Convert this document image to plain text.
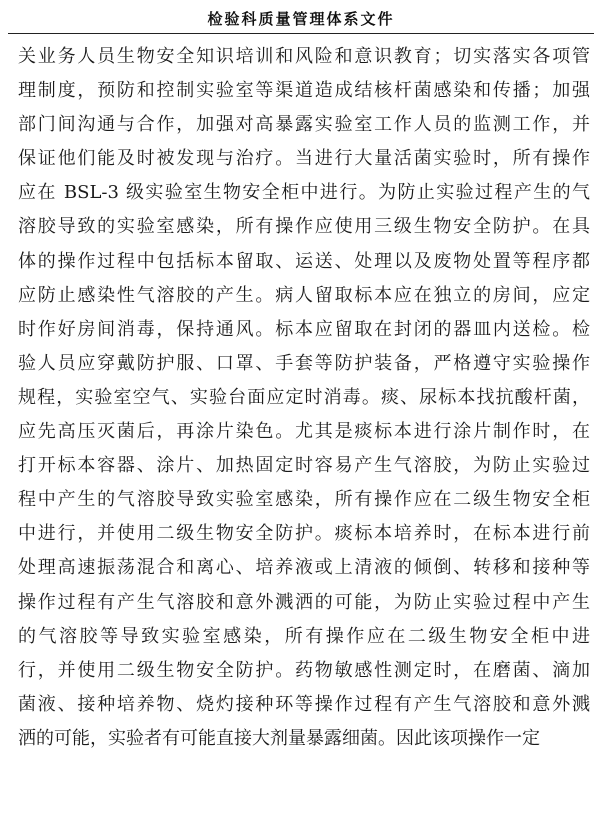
检验科质量管理体系文件
关业务人员生物安全知识培训和风险和意识教育；切实落实各项管
理制度，预防和控制实验室等渠道造成结核杆菌感染和传播；加强
部门间沟通与合作，加强对高暴露实验室工作人员的监测工作，并
保证他们能及时被发现与治疗。当进行大量活菌实验时，所有操作
应在 BSL-3 级实验室生物安全柜中进行。为防止实验过程产生的气
溶胶导致的实验室感染，所有操作应使用三级生物安全防护。在具
体的操作过程中包括标本留取、运送、处理以及废物处置等程序都
应防止感染性气溶胶的产生。病人留取标本应在独立的房间，应定
时作好房间消毒，保持通风。标本应留取在封闭的器皿内送检。检
验人员应穿戴防护服、口罩、手套等防护装备，严格遵守实验操作
规程，实验室空气、实验台面应定时消毒。痰、尿标本找抗酸杆菌，
应先高压灭菌后，再涂片染色。尤其是痰标本进行涂片制作时，在
打开标本容器、涂片、加热固定时容易产生气溶胶，为防止实验过
程中产生的气溶胶导致实验室感染，所有操作应在二级生物安全柜
中进行，并使用二级生物安全防护。痰标本培养时，在标本进行前
处理高速振荡混合和离心、培养液或上清液的倾倒、转移和接种等
操作过程有产生气溶胶和意外溅洒的可能，为防止实验过程中产生
的气溶胶等导致实验室感染，所有操作应在二级生物安全柜中进
行，并使用二级生物安全防护。药物敏感性测定时，在磨菌、滴加
菌液、接种培养物、烧灼接种环等操作过程有产生气溶胶和意外溅
洒的可能，实验者有可能直接大剂量暴露细菌。因此该项操作一定
